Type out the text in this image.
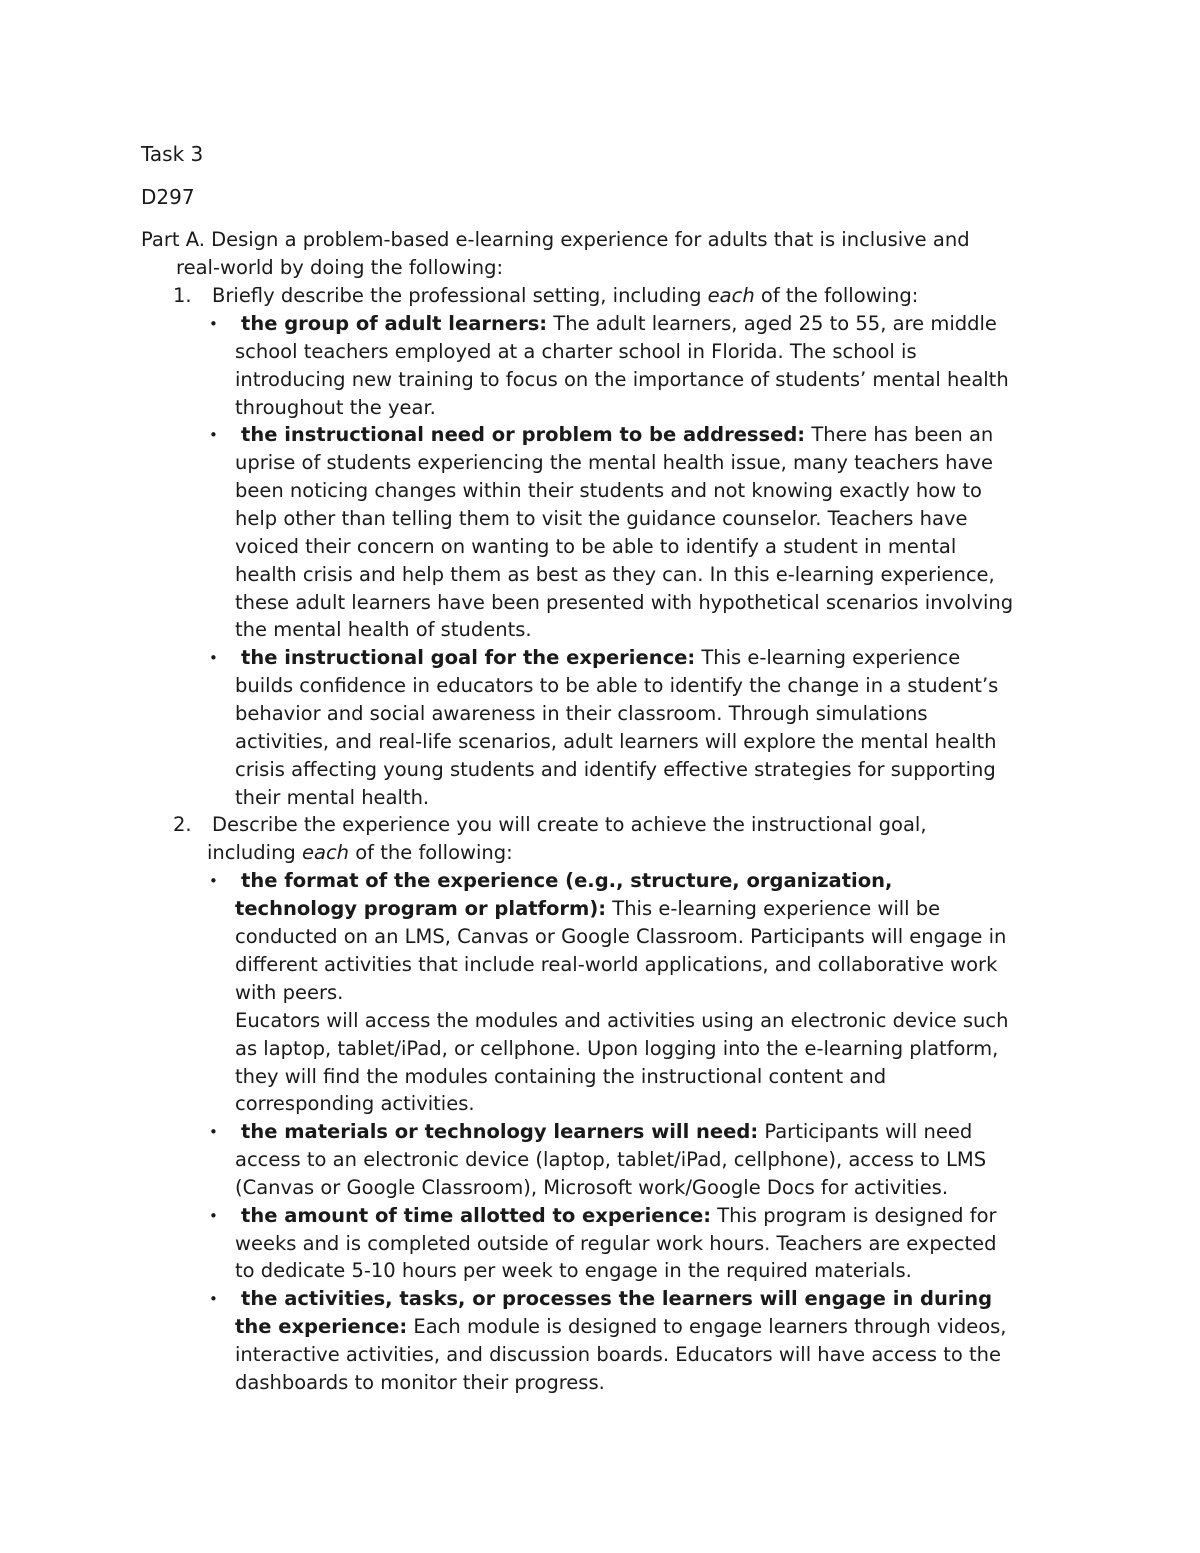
Task 3
D297
Part A. Design a problem-based e-learning experience for adults that is inclusive and
real-world by doing the following:
1. Briefly describe the professional setting, including each of the following:
• the group of adult learners: The adult learners, aged 25 to 55, are middle
school teachers employed at a charter school in Florida. The school is
introducing new training to focus on the importance of students’ mental health
throughout the year.
• the instructional need or problem to be addressed: There has been an
uprise of students experiencing the mental health issue, many teachers have
been noticing changes within their students and not knowing exactly how to
help other than telling them to visit the guidance counselor. Teachers have
voiced their concern on wanting to be able to identify a student in mental
health crisis and help them as best as they can. In this e-learning experience,
these adult learners have been presented with hypothetical scenarios involving
the mental health of students.
• the instructional goal for the experience: This e-learning experience
builds confidence in educators to be able to identify the change in a student’s
behavior and social awareness in their classroom. Through simulations
activities, and real-life scenarios, adult learners will explore the mental health
crisis affecting young students and identify effective strategies for supporting
their mental health.
2. Describe the experience you will create to achieve the instructional goal,
including each of the following:
• the format of the experience (e.g., structure, organization,
technology program or platform): This e-learning experience will be
conducted on an LMS, Canvas or Google Classroom. Participants will engage in
different activities that include real-world applications, and collaborative work
with peers.
Eucators will access the modules and activities using an electronic device such
as laptop, tablet/iPad, or cellphone. Upon logging into the e-learning platform,
they will find the modules containing the instructional content and
corresponding activities.
• the materials or technology learners will need: Participants will need
access to an electronic device (laptop, tablet/iPad, cellphone), access to LMS
(Canvas or Google Classroom), Microsoft work/Google Docs for activities.
• the amount of time allotted to experience: This program is designed for
weeks and is completed outside of regular work hours. Teachers are expected
to dedicate 5-10 hours per week to engage in the required materials.
• the activities, tasks, or processes the learners will engage in during
the experience: Each module is designed to engage learners through videos,
interactive activities, and discussion boards. Educators will have access to the
dashboards to monitor their progress.
